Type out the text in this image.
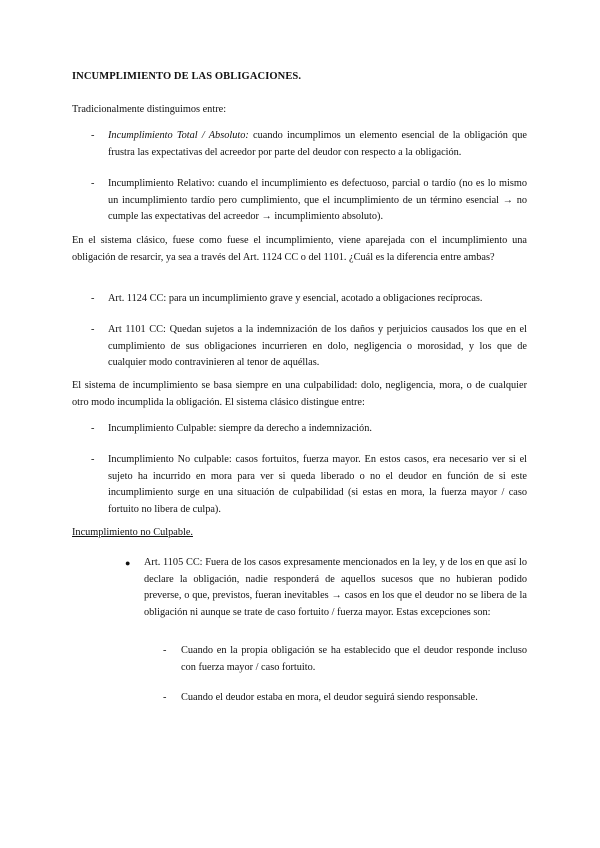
INCUMPLIMIENTO DE LAS OBLIGACIONES.
Tradicionalmente distinguimos entre:
-	Incumplimiento Total / Absoluto: cuando incumplimos un elemento esencial de la obligación que frustra las expectativas del acreedor por parte del deudor con respecto a la obligación.
-	Incumplimiento Relativo: cuando el incumplimiento es defectuoso, parcial o tardío (no es lo mismo un incumplimiento tardío pero cumplimiento, que el incumplimiento de un término esencial → no cumple las expectativas del acreedor → incumplimiento absoluto).
En el sistema clásico, fuese como fuese el incumplimiento, viene aparejada con el incumplimiento una obligación de resarcir, ya sea a través del Art. 1124 CC o del 1101. ¿Cuál es la diferencia entre ambas?
-	Art. 1124 CC: para un incumplimiento grave y esencial, acotado a obligaciones recíprocas.
-	Art 1101 CC: Quedan sujetos a la indemnización de los daños y perjuicios causados los que en el cumplimiento de sus obligaciones incurrieren en dolo, negligencia o morosidad, y los que de cualquier modo contravinieren al tenor de aquéllas.
El sistema de incumplimiento se basa siempre en una culpabilidad: dolo, negligencia, mora, o de cualquier otro modo incumplida la obligación. El sistema clásico distingue entre:
-	Incumplimiento Culpable: siempre da derecho a indemnización.
-	Incumplimiento No culpable: casos fortuitos, fuerza mayor. En estos casos, era necesario ver si el sujeto ha incurrido en mora para ver si queda liberado o no el deudor en función de si este incumplimiento surge en una situación de culpabilidad (si estas en mora, la fuerza mayor / caso fortuito no libera de culpa).
Incumplimiento no Culpable.
● Art. 1105 CC: Fuera de los casos expresamente mencionados en la ley, y de los en que así lo declare la obligación, nadie responderá de aquellos sucesos que no hubieran podido preverse, o que, previstos, fueran inevitables → casos en los que el deudor no se libera de la obligación ni aunque se trate de caso fortuito / fuerza mayor. Estas excepciones son:
- Cuando en la propia obligación se ha establecido que el deudor responde incluso con fuerza mayor / caso fortuito.
- Cuando el deudor estaba en mora, el deudor seguirá siendo responsable.
